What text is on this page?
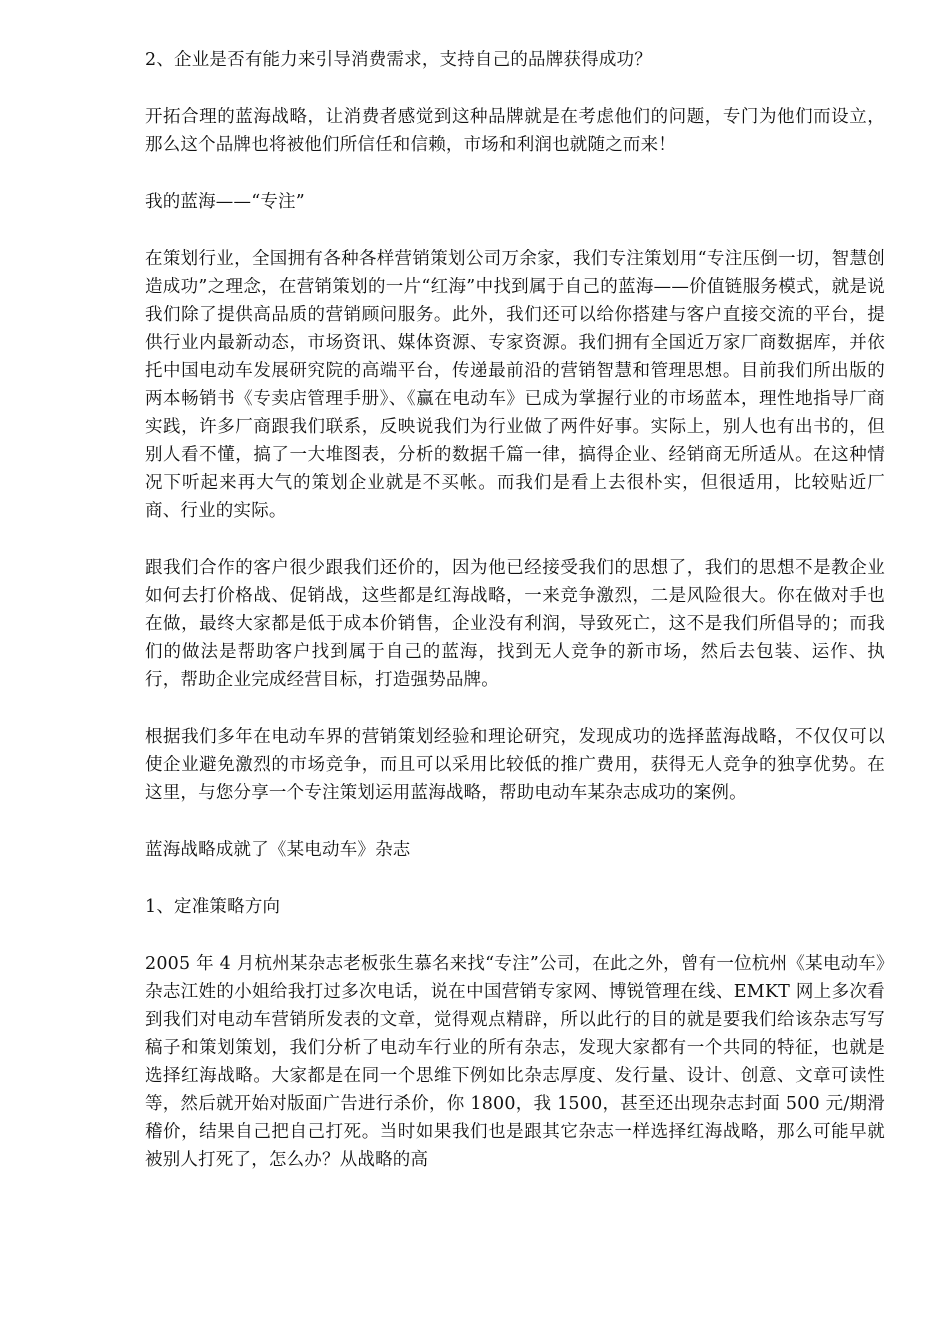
2、企业是否有能力来引导消费需求，支持自己的品牌获得成功？

开拓合理的蓝海战略，让消费者感觉到这种品牌就是在考虑他们的问题，专门为他们而设立，那么这个品牌也将被他们所信任和信赖，市场和利润也就随之而来！

我的蓝海——“专注”

在策划行业，全国拥有各种各样营销策划公司万余家，我们专注策划用“专注压倒一切，智慧创造成功”之理念，在营销策划的一片“红海”中找到属于自己的蓝海——价值链服务模式，就是说我们除了提供高品质的营销顾问服务。此外，我们还可以给你搭建与客户直接交流的平台，提供行业内最新动态，市场资讯、媒体资源、专家资源。我们拥有全国近万家厂商数据库，并依托中国电动车发展研究院的高端平台，传递最前沿的营销智慧和管理思想。目前我们所出版的两本畅销书《专卖店管理手册》、《赢在电动车》已成为掌握行业的市场蓝本，理性地指导厂商实践，许多厂商跟我们联系，反映说我们为行业做了两件好事。实际上，别人也有出书的，但别人看不懂，搞了一大堆图表，分析的数据千篇一律，搞得企业、经销商无所适从。在这种情况下听起来再大气的策划企业就是不买帐。而我们是看上去很朴实，但很适用，比较贴近厂商、行业的实际。

跟我们合作的客户很少跟我们还价的，因为他已经接受我们的思想了，我们的思想不是教企业如何去打价格战、促销战，这些都是红海战略，一来竞争激烈，二是风险很大。你在做对手也在做，最终大家都是低于成本价销售，企业没有利润，导致死亡，这不是我们所倡导的；而我们的做法是帮助客户找到属于自己的蓝海，找到无人竞争的新市场，然后去包装、运作、执行，帮助企业完成经营目标，打造强势品牌。

根据我们多年在电动车界的营销策划经验和理论研究，发现成功的选择蓝海战略，不仅仅可以使企业避免激烈的市场竞争，而且可以采用比较低的推广费用，获得无人竞争的独享优势。在这里，与您分享一个专注策划运用蓝海战略，帮助电动车某杂志成功的案例。

蓝海战略成就了《某电动车》杂志

1、定准策略方向

2005 年 4 月杭州某杂志老板张生慕名来找“专注”公司，在此之外，曾有一位杭州《某电动车》杂志江姓的小姐给我打过多次电话，说在中国营销专家网、博锐管理在线、EMKT 网上多次看到我们对电动车营销所发表的文章，觉得观点精辟，所以此行的目的就是要我们给该杂志写写稿子和策划策划，我们分析了电动车行业的所有杂志，发现大家都有一个共同的特征，也就是选择红海战略。大家都是在同一个思维下例如比杂志厚度、发行量、设计、创意、文章可读性等，然后就开始对版面广告进行杀价，你 1800，我 1500，甚至还出现杂志封面 500 元/期滑稽价，结果自己把自己打死。当时如果我们也是跟其它杂志一样选择红海战略，那么可能早就被别人打死了，怎么办？从战略的高
